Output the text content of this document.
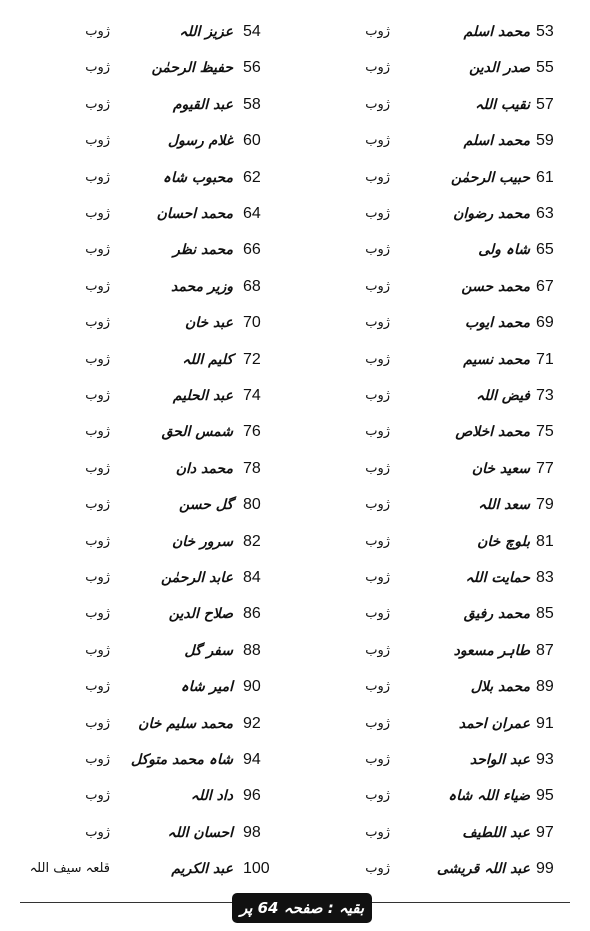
53
محمد اسلم
ژوب
54
عزیز اللہ
ژوب
55
صدر الدین
ژوب
56
حفیظ الرحمٰن
ژوب
57
نقیب اللہ
ژوب
58
عبد القیوم
ژوب
59
محمد اسلم
ژوب
60
غلام رسول
ژوب
61
حبیب الرحمٰن
ژوب
62
محبوب شاہ
ژوب
63
محمد رضوان
ژوب
64
محمد احسان
ژوب
65
شاہ ولی
ژوب
66
محمد نظر
ژوب
67
محمد حسن
ژوب
68
وزیر محمد
ژوب
69
محمد ایوب
ژوب
70
عبد خان
ژوب
71
محمد نسیم
ژوب
72
کلیم اللہ
ژوب
73
فیض اللہ
ژوب
74
عبد الحلیم
ژوب
75
محمد اخلاص
ژوب
76
شمس الحق
ژوب
77
سعید خان
ژوب
78
محمد دان
ژوب
79
سعد اللہ
ژوب
80
گل حسن
ژوب
81
بلوچ خان
ژوب
82
سرور خان
ژوب
83
حمایت اللہ
ژوب
84
عابد الرحمٰن
ژوب
85
محمد رفیق
ژوب
86
صلاح الدین
ژوب
87
طاہر مسعود
ژوب
88
سفر گل
ژوب
89
محمد بلال
ژوب
90
امیر شاہ
ژوب
91
عمران احمد
ژوب
92
محمد سلیم خان
ژوب
93
عبد الواحد
ژوب
94
شاہ محمد متوکل
ژوب
95
ضیاء اللہ شاہ
ژوب
96
داد اللہ
ژوب
97
عبد اللطیف
ژوب
98
احسان اللہ
ژوب
99
عبد اللہ قریشی
ژوب
100
عبد الکریم
قلعہ سیف اللہ
بقیہ : صفحہ 64 پر
